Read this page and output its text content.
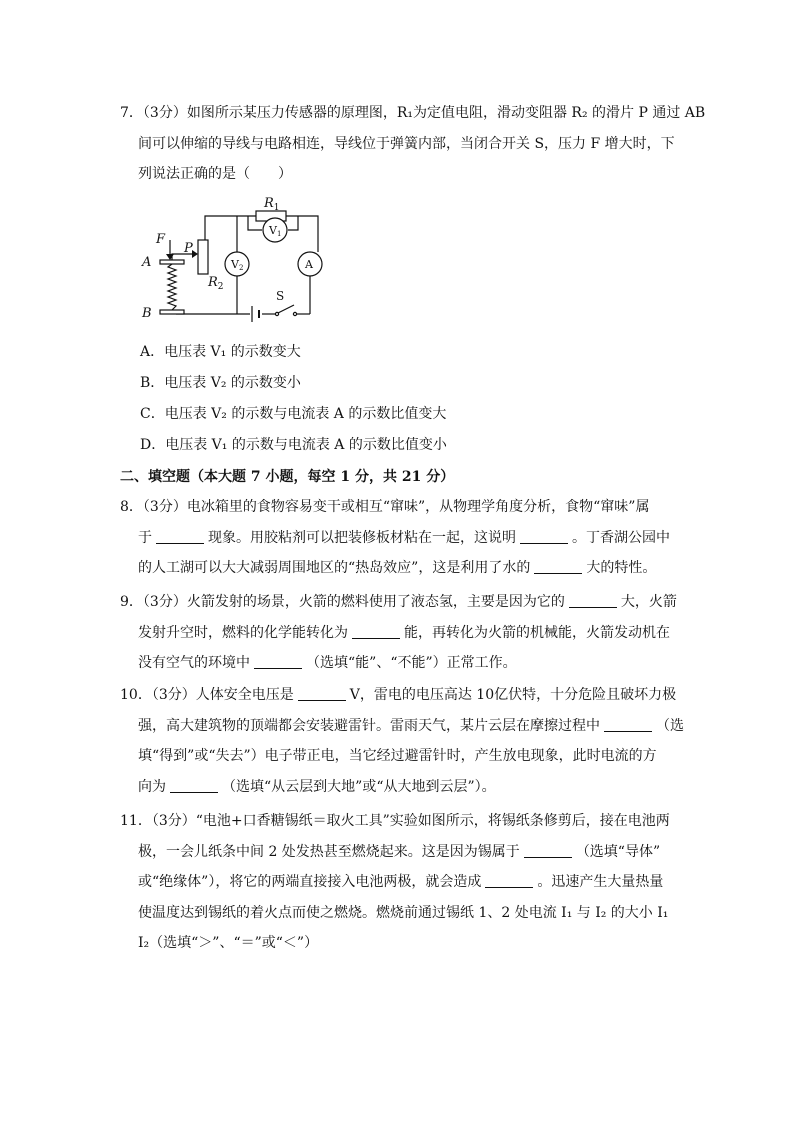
7．（3分）如图所示某压力传感器的原理图，R₁为定值电阻，滑动变阻器 R₂ 的滑片 P 通过 AB
间可以伸缩的导线与电路相连，导线位于弹簧内部，当闭合开关 S，压力 F 增大时，下
列说法正确的是（　　）
F
A
B
P
$R_1$
$R_2$
V1
V2	A
S
A．电压表 V₁ 的示数变大
B．电压表 V₂ 的示数变小
C．电压表 V₂ 的示数与电流表 A 的示数比值变大
D．电压表 V₁ 的示数与电流表 A 的示数比值变小
二、填空题（本大题 7 小题，每空 1 分，共 21 分）
8．（3分）电冰箱里的食物容易变干或相互“窜味”，从物理学角度分析，食物“窜味”属
于	现象。用胶粘剂可以把装修板材粘在一起，这说明	。丁香湖公园中
的人工湖可以大大减弱周围地区的“热岛效应”，这是利用了水的	大的特性。
9．（3分）火箭发射的场景，火箭的燃料使用了液态氢，主要是因为它的	大，火箭
发射升空时，燃料的化学能转化为	能，再转化为火箭的机械能，火箭发动机在
没有空气的环境中	（选填“能”、“不能”）正常工作。
10．（3分）人体安全电压是	V，雷电的电压高达 10亿伏特，十分危险且破坏力极
强，高大建筑物的顶端都会安装避雷针。雷雨天气，某片云层在摩擦过程中	（选
填“得到”或“失去”）电子带正电，当它经过避雷针时，产生放电现象，此时电流的方
向为	（选填“从云层到大地”或“从大地到云层”）。
11．（3分）“电池+口香糖锡纸＝取火工具”实验如图所示，将锡纸条修剪后，接在电池两
极，一会儿纸条中间 2 处发热甚至燃烧起来。这是因为锡属于	（选填“导体”
或“绝缘体”），将它的两端直接接入电池两极，就会造成	。迅速产生大量热量
使温度达到锡纸的着火点而使之燃烧。燃烧前通过锡纸 1、2 处电流 I₁ 与 I₂ 的大小 I₁
I₂（选填“＞”、“＝”或“＜”）
